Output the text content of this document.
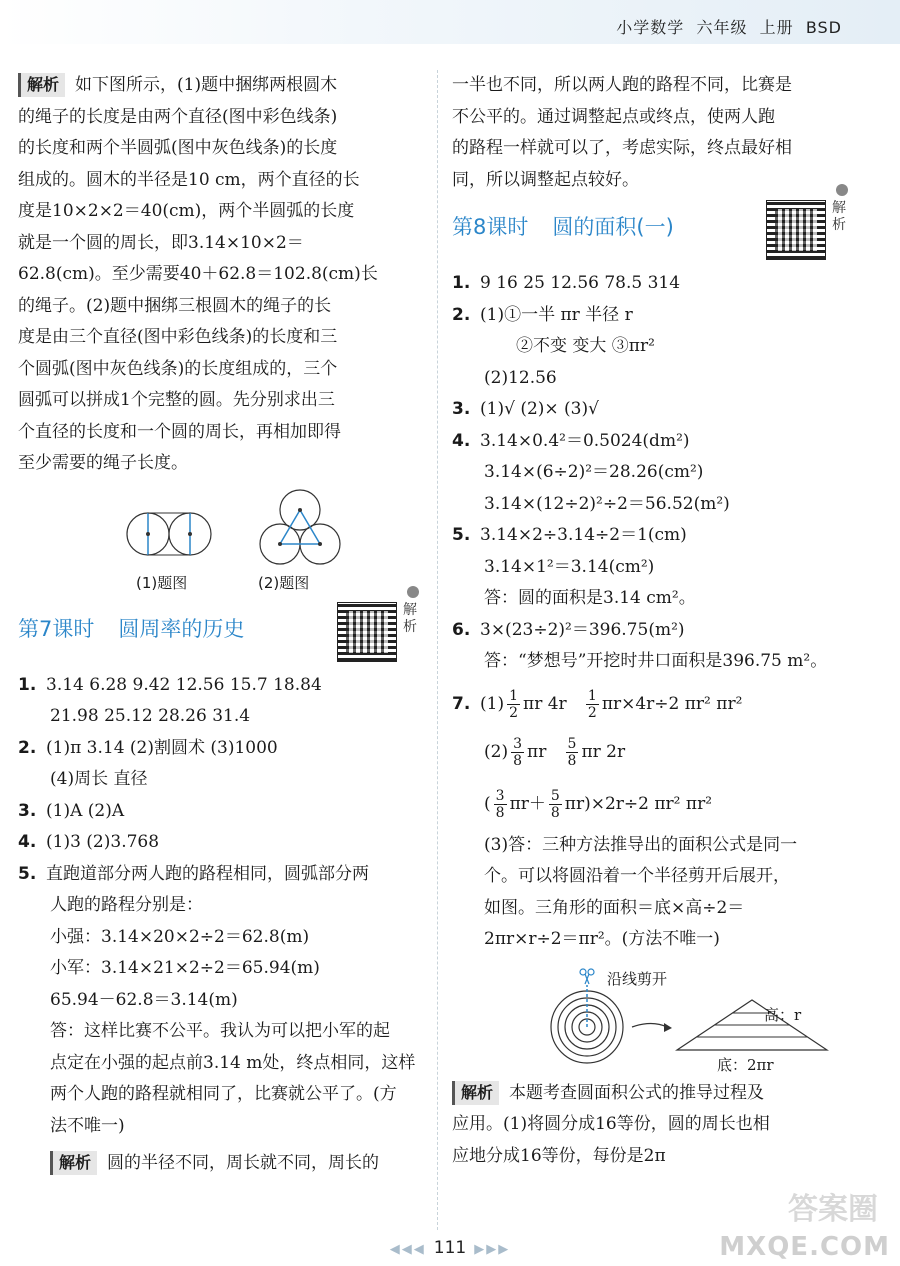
小学数学  六年级  上册  BSD
解析 如下图所示，(1)题中捆绑两根圆木
的绳子的长度是由两个直径(图中彩色线条)
的长度和两个半圆弧(图中灰色线条)的长度
组成的。圆木的半径是10 cm，两个直径的长
度是10×2×2＝40(cm)，两个半圆弧的长度
就是一个圆的周长，即3.14×10×2＝
62.8(cm)。至少需要40＋62.8＝102.8(cm)长
的绳子。(2)题中捆绑三根圆木的绳子的长
度是由三个直径(图中彩色线条)的长度和三
个圆弧(图中灰色线条)的长度组成的，三个
圆弧可以拼成1个完整的圆。先分别求出三
个直径的长度和一个圆的周长，再相加即得
至少需要的绳子长度。
(1)题图	(2)题图
第7课时 圆周率的历史
解析
1. 3.14 6.28 9.42 12.56 15.7 18.84
21.98 25.12 28.26 31.4
2. (1)π 3.14 (2)割圆术 (3)1000
(4)周长 直径
3. (1)A (2)A
4. (1)3 (2)3.768
5. 直跑道部分两人跑的路程相同，圆弧部分两
人跑的路程分别是：
小强：3.14×20×2÷2＝62.8(m)
小军：3.14×21×2÷2＝65.94(m)
65.94－62.8＝3.14(m)
答：这样比赛不公平。我认为可以把小军的起
点定在小强的起点前3.14 m处，终点相同，这样
两个人跑的路程就相同了，比赛就公平了。(方
法不唯一)
解析 圆的半径不同，周长就不同，周长的
一半也不同，所以两人跑的路程不同，比赛是
不公平的。通过调整起点或终点，使两人跑
的路程一样就可以了，考虑实际，终点最好相
同，所以调整起点较好。
第8课时 圆的面积(一)
解析
1. 9 16 25 12.56 78.5 314
2. (1)①一半 πr 半径 r
②不变 变大 ③πr²
(2)12.56
3. (1)√ (2)× (3)√
4. 3.14×0.4²＝0.5024(dm²)
3.14×(6÷2)²＝28.26(cm²)
3.14×(12÷2)²÷2＝56.52(m²)
5. 3.14×2÷3.14÷2＝1(cm)
3.14×1²＝3.14(cm²)
答：圆的面积是3.14 cm²。
6. 3×(23÷2)²＝396.75(m²)
答：“梦想号”开挖时井口面积是396.75 m²。
7. $(1) \frac{1}{2}$ πr $4r \frac{1}{2} \pi r\times 4r\div 2$ πr² πr²
$(2) \frac{3}{8}$ πr $\frac{5}{8}$ πr 2r
( $\frac{3}{8} \pi r+ \frac{5}{8} \pi r)\times 2r\div 2$ πr² πr²
(3)答：三种方法推导出的面积公式是同一
个。可以将圆沿着一个半径剪开后展开，
如图。三角形的面积＝底×高÷2＝
2πr×r÷2＝πr²。(方法不唯一)
沿线剪开
高：r
底：2πr
解析 本题考查圆面积公式的推导过程及
应用。(1)将圆分成16等份，圆的周长也相
应地分成16等份，每份是2π
◀◀◀ 111 ▶▶▶
答案圈
MXQE.COM
